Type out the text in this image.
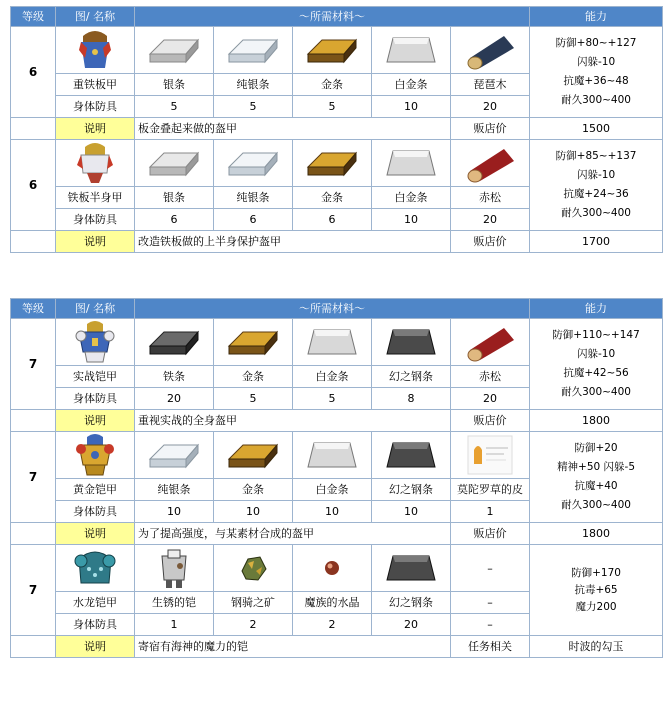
等级	图/ 名称	～所需材料～					能力
6							防御+80~+127
闪躲-10
抗魔+36~48
耐久300~400

	重铁板甲	银条	纯银条	金条	白金条	琵琶木	
	身体防具	5	5	5	10	20	
	说明	板金叠起来做的盔甲				贩店价	1500
6							防御+85~+137
闪躲-10
抗魔+24~36
耐久300~400

	铁板半身甲	银条	纯银条	金条	白金条	赤松	
	身体防具	6	6	6	10	20	
	说明	改造铁板做的上半身保护盔甲				贩店价	1700
等级	图/ 名称	～所需材料～					能力
7							防御+110~+147
闪躲-10
抗魔+42~56
耐久300~400

	实战铠甲	铁条	金条	白金条	幻之钢条	赤松	
	身体防具	20	5	5	8	20	
	说明	重视实战的全身盔甲				贩店价	1800
7							防御+20
精神+50 闪躲-5
抗魔+40
耐久300~400

	黄金铠甲	纯银条	金条	白金条	幻之钢条	莫陀罗草的皮	
	身体防具	10	10	10	10	1	
	说明	为了提高强度，与某素材合成的盔甲				贩店价	1800
7						–	防御+170
抗毒+65
魔力200

	水龙铠甲	生锈的铠	钢骑之矿	魔族的水晶	幻之钢条	–	
	身体防具	1	2	2	20	–	
	说明	寄宿有海神的魔力的铠				任务相关	时波的勾玉
